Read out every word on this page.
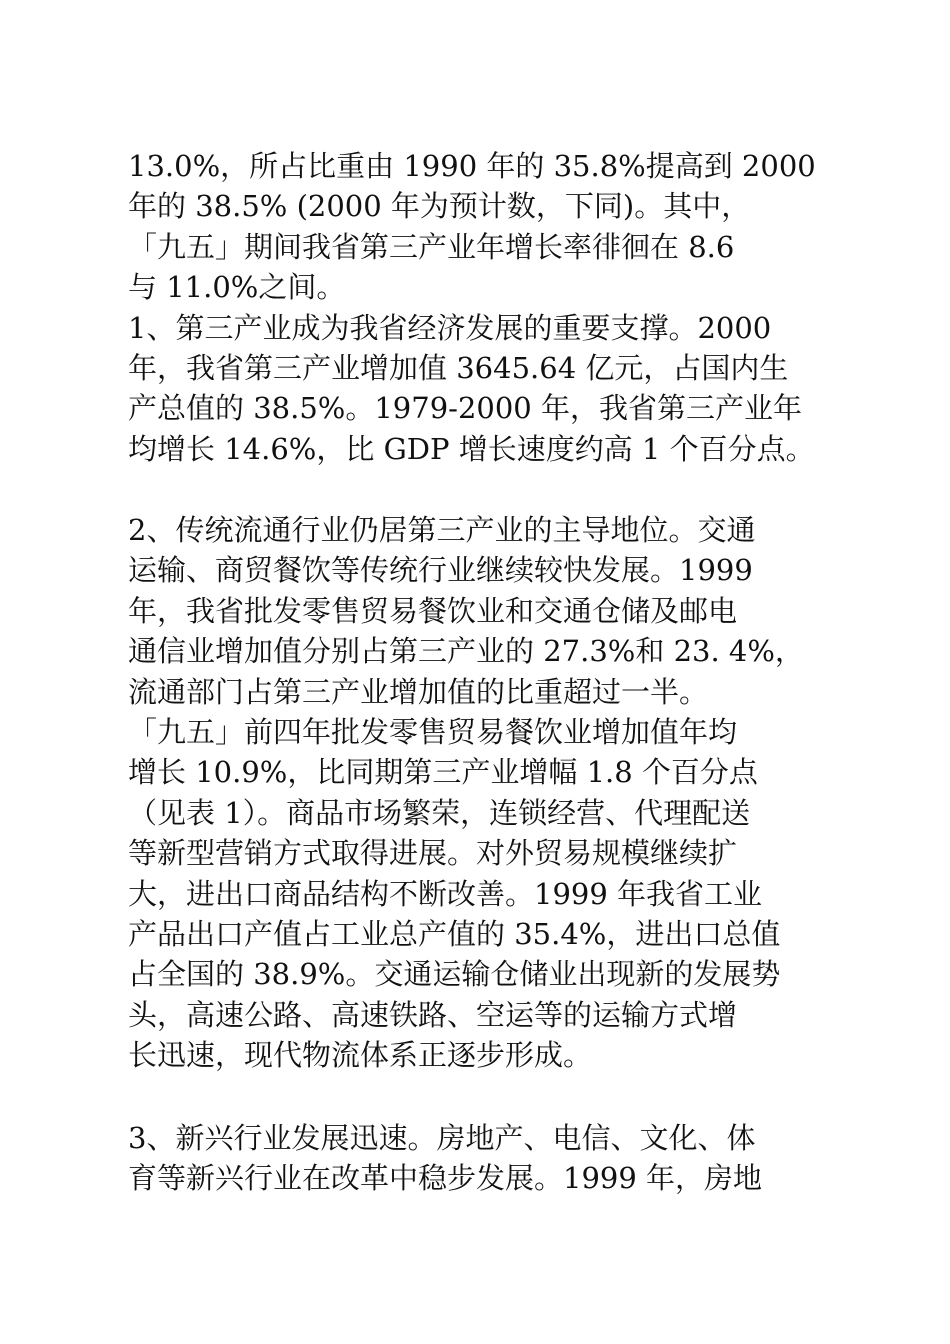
13.0%，所占比重由 1990 年的 35.8%提高到 2000
年的 38.5% (2000 年为预计数，下同)。其中，
「九五」期间我省第三产业年增长率徘徊在 8.6
与 11.0%之间。
1、第三产业成为我省经济发展的重要支撑。2000
年，我省第三产业增加值 3645.64 亿元，占国内生
产总值的 38.5%。1979-2000 年，我省第三产业年
均增长 14.6%，比 GDP 增长速度约高 1 个百分点。
2、传统流通行业仍居第三产业的主导地位。交通
运输、商贸餐饮等传统行业继续较快发展。1999
年，我省批发零售贸易餐饮业和交通仓储及邮电
通信业增加值分别占第三产业的 27.3%和 23. 4%，
流通部门占第三产业增加值的比重超过一半。
「九五」前四年批发零售贸易餐饮业增加值年均
增长 10.9%，比同期第三产业增幅 1.8 个百分点
（见表 1）。商品市场繁荣，连锁经营、代理配送
等新型营销方式取得进展。对外贸易规模继续扩
大，进出口商品结构不断改善。1999 年我省工业
产品出口产值占工业总产值的 35.4%，进出口总值
占全国的 38.9%。交通运输仓储业出现新的发展势
头，高速公路、高速铁路、空运等的运输方式增
长迅速，现代物流体系正逐步形成。
3、新兴行业发展迅速。房地产、电信、文化、体
育等新兴行业在改革中稳步发展。1999 年，房地
